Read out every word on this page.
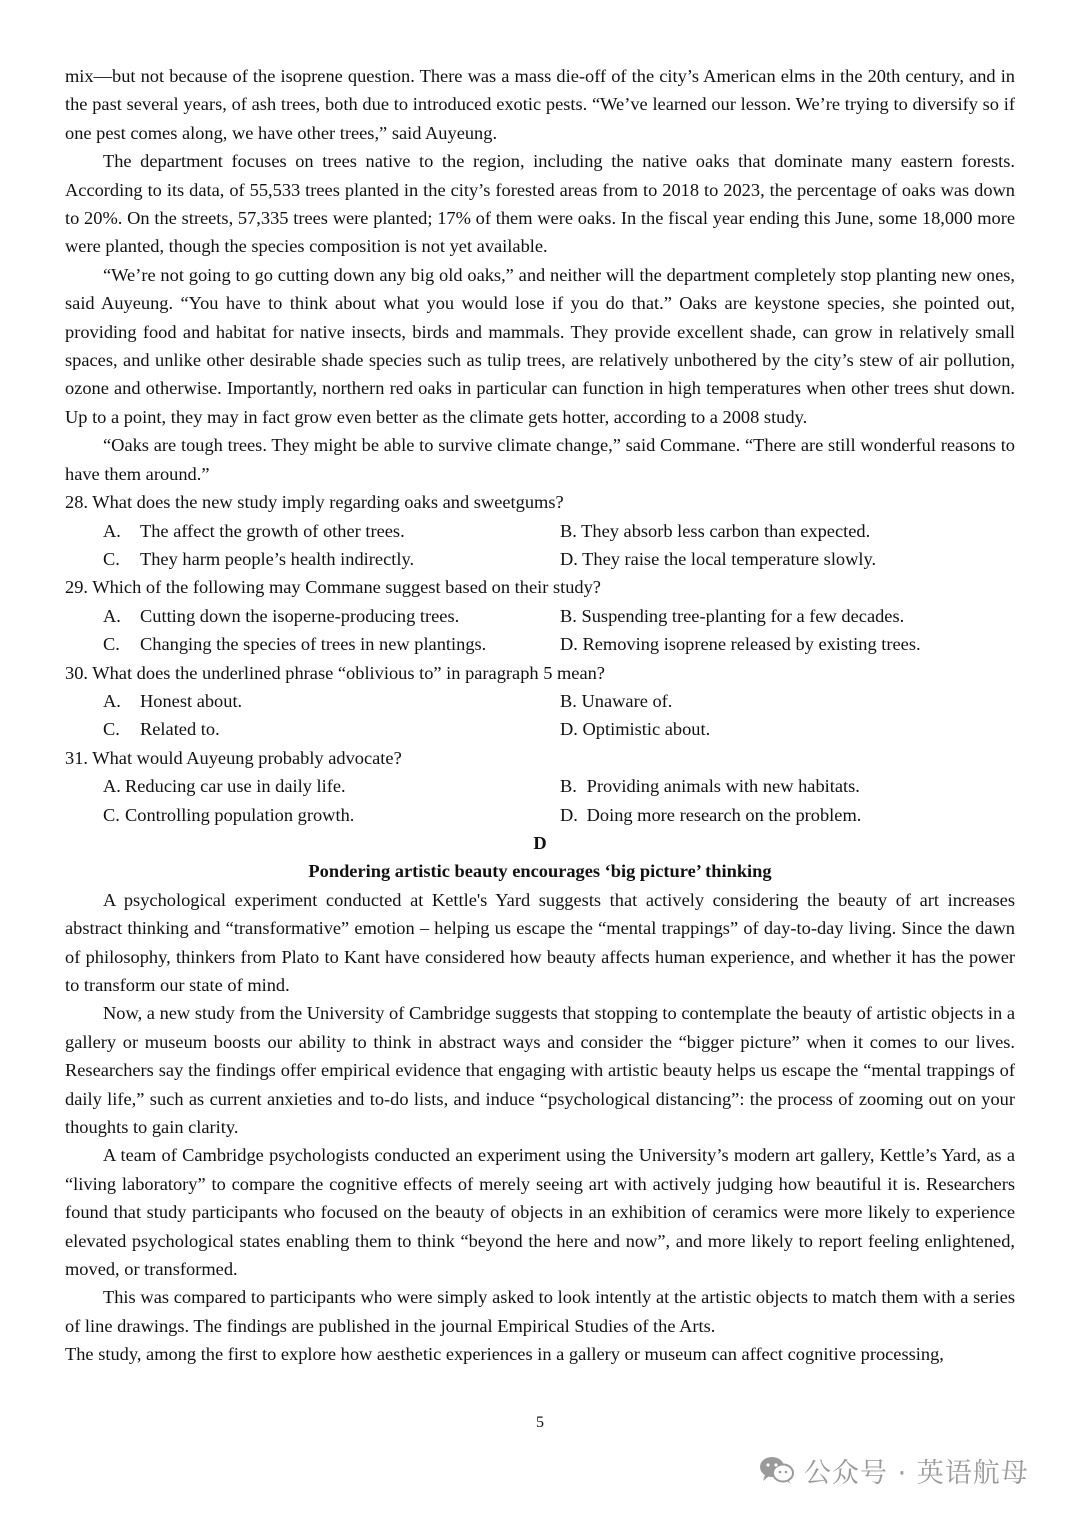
mix—but not because of the isoprene question. There was a mass die-off of the city’s American elms in the 20th century, and in the past several years, of ash trees, both due to introduced exotic pests. “We’ve learned our lesson. We’re trying to diversify so if one pest comes along, we have other trees,” said Auyeung.

The department focuses on trees native to the region, including the native oaks that dominate many eastern forests. According to its data, of 55,533 trees planted in the city’s forested areas from to 2018 to 2023, the percentage of oaks was down to 20%. On the streets, 57,335 trees were planted; 17% of them were oaks. In the fiscal year ending this June, some 18,000 more were planted, though the species composition is not yet available.

“We’re not going to go cutting down any big old oaks,” and neither will the department completely stop planting new ones, said Auyeung. “You have to think about what you would lose if you do that.” Oaks are keystone species, she pointed out, providing food and habitat for native insects, birds and mammals. They provide excellent shade, can grow in relatively small spaces, and unlike other desirable shade species such as tulip trees, are relatively unbothered by the city’s stew of air pollution, ozone and otherwise. Importantly, northern red oaks in particular can function in high temperatures when other trees shut down. Up to a point, they may in fact grow even better as the climate gets hotter, according to a 2008 study.

“Oaks are tough trees. They might be able to survive climate change,” said Commane. “There are still wonderful reasons to have them around.”

28. What does the new study imply regarding oaks and sweetgums?
A. The affect the growth of other trees.	B. They absorb less carbon than expected.
C. They harm people’s health indirectly.	D. They raise the local temperature slowly.
29. Which of the following may Commane suggest based on their study?
A. Cutting down the isoperne-producing trees.	B. Suspending tree-planting for a few decades.
C. Changing the species of trees in new plantings.	D. Removing isoprene released by existing trees.
30. What does the underlined phrase “oblivious to” in paragraph 5 mean?
A. Honest about.	B. Unaware of.
C. Related to.	D. Optimistic about.
31. What would Auyeung probably advocate?
A. Reducing car use in daily life.	B. Providing animals with new habitats.
C. Controlling population growth.	D. Doing more research on the problem.
D
Pondering artistic beauty encourages ‘big picture’ thinking

A psychological experiment conducted at Kettle's Yard suggests that actively considering the beauty of art increases abstract thinking and “transformative” emotion – helping us escape the “mental trappings” of day-to-day living. Since the dawn of philosophy, thinkers from Plato to Kant have considered how beauty affects human experience, and whether it has the power to transform our state of mind.

Now, a new study from the University of Cambridge suggests that stopping to contemplate the beauty of artistic objects in a gallery or museum boosts our ability to think in abstract ways and consider the “bigger picture” when it comes to our lives. Researchers say the findings offer empirical evidence that engaging with artistic beauty helps us escape the “mental trappings of daily life,” such as current anxieties and to-do lists, and induce “psychological distancing”: the process of zooming out on your thoughts to gain clarity.

A team of Cambridge psychologists conducted an experiment using the University’s modern art gallery, Kettle’s Yard, as a “living laboratory” to compare the cognitive effects of merely seeing art with actively judging how beautiful it is. Researchers found that study participants who focused on the beauty of objects in an exhibition of ceramics were more likely to experience elevated psychological states enabling them to think “beyond the here and now”, and more likely to report feeling enlightened, moved, or transformed.

This was compared to participants who were simply asked to look intently at the artistic objects to match them with a series of line drawings. The findings are published in the journal Empirical Studies of the Arts.

The study, among the first to explore how aesthetic experiences in a gallery or museum can affect cognitive processing,

5
公众号 · 英语航母
